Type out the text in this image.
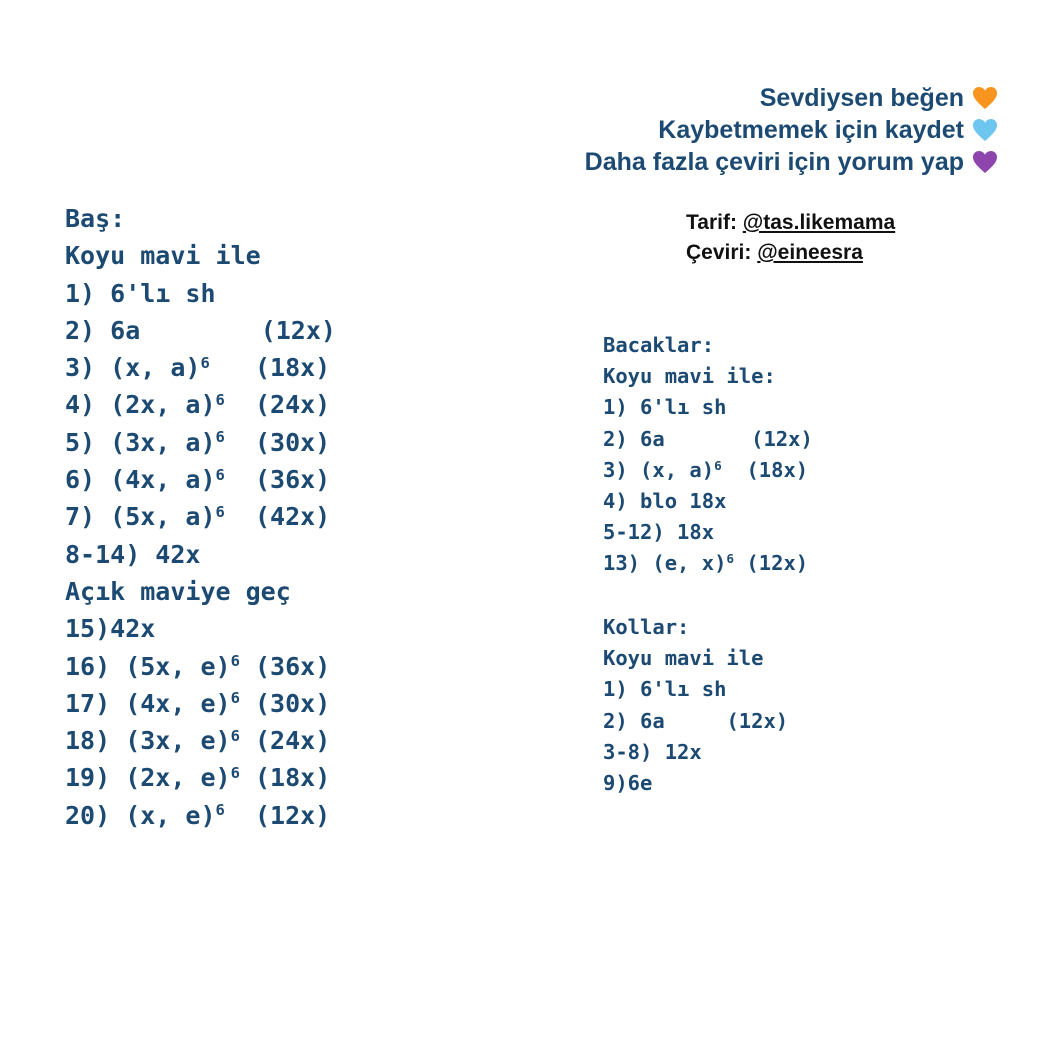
Sevdiysen beğen
Kaybetmemek için kaydet
Daha fazla çeviri için yorum yap
Tarif: @tas.likemama
Çeviri: @eineesra
Baş:
Koyu mavi ile
1) 6'lı sh
2) 6a	(12x)
3) (x, a)$^6$ (18x)
4) (2x, a)$^6$ (24x)
5) (3x, a)$^6$ (30x)
6) (4x, a)$^6$ (36x)
7) (5x, a)$^6$ (42x)
8-14) 42x
Açık maviye geç
15)42x
16) (5x, e)$^6$ (36x)
17) (4x, e)$^6$ (30x)
18) (3x, e)$^6$ (24x)
19) (2x, e)$^6$ (18x)
20) (x, e)$^6$ (12x)
Bacaklar:
Koyu mavi ile:
1) 6'lı sh
2) 6a	(12x)
3) (x, a)$^6$ (18x)
4) blo 18x
5-12) 18x
13) (e, x)$^6$ (12x)
Kollar:
Koyu mavi ile
1) 6'lı sh
2) 6a	(12x)
3-8) 12x
9)6e
